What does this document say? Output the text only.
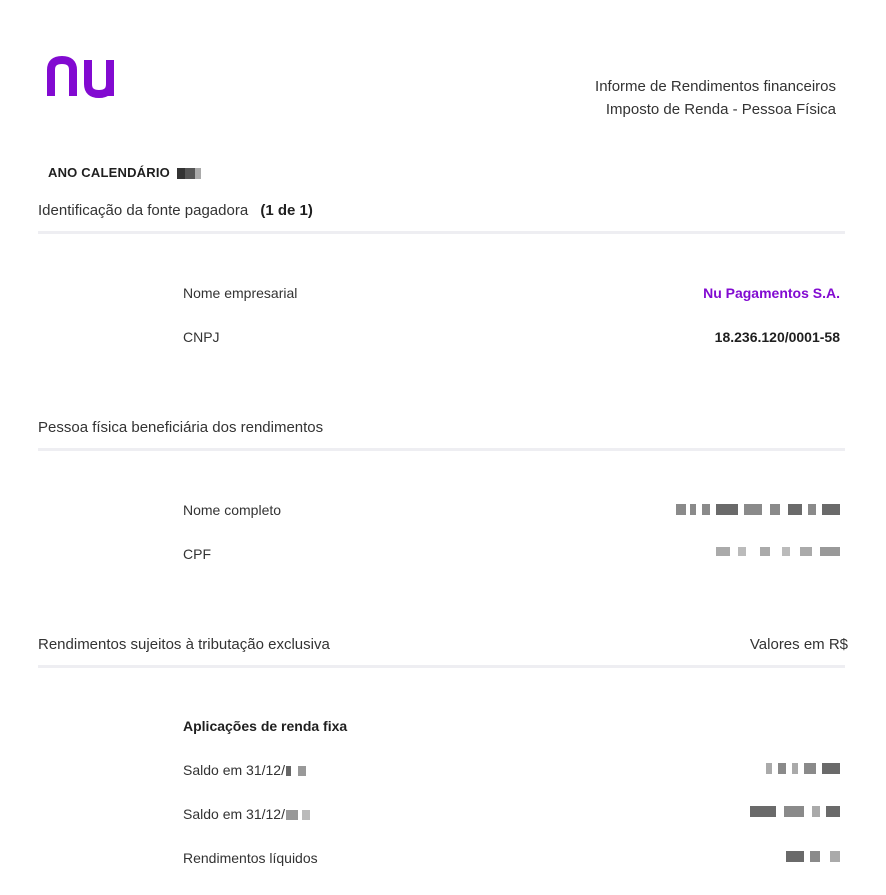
Informe de Rendimentos financeiros
Imposto de Renda - Pessoa Física
ANO CALENDÁRIO
Identificação da fonte pagadora (1 de 1)
Nome empresarial	Nu Pagamentos S.A.
CNPJ	18.236.120/0001-58
Pessoa física beneficiária dos rendimentos
Nome completo
CPF
Rendimentos sujeitos à tributação exclusiva	Valores em R$
Aplicações de renda fixa
Saldo em 31/12/
Saldo em 31/12/
Rendimentos líquidos
